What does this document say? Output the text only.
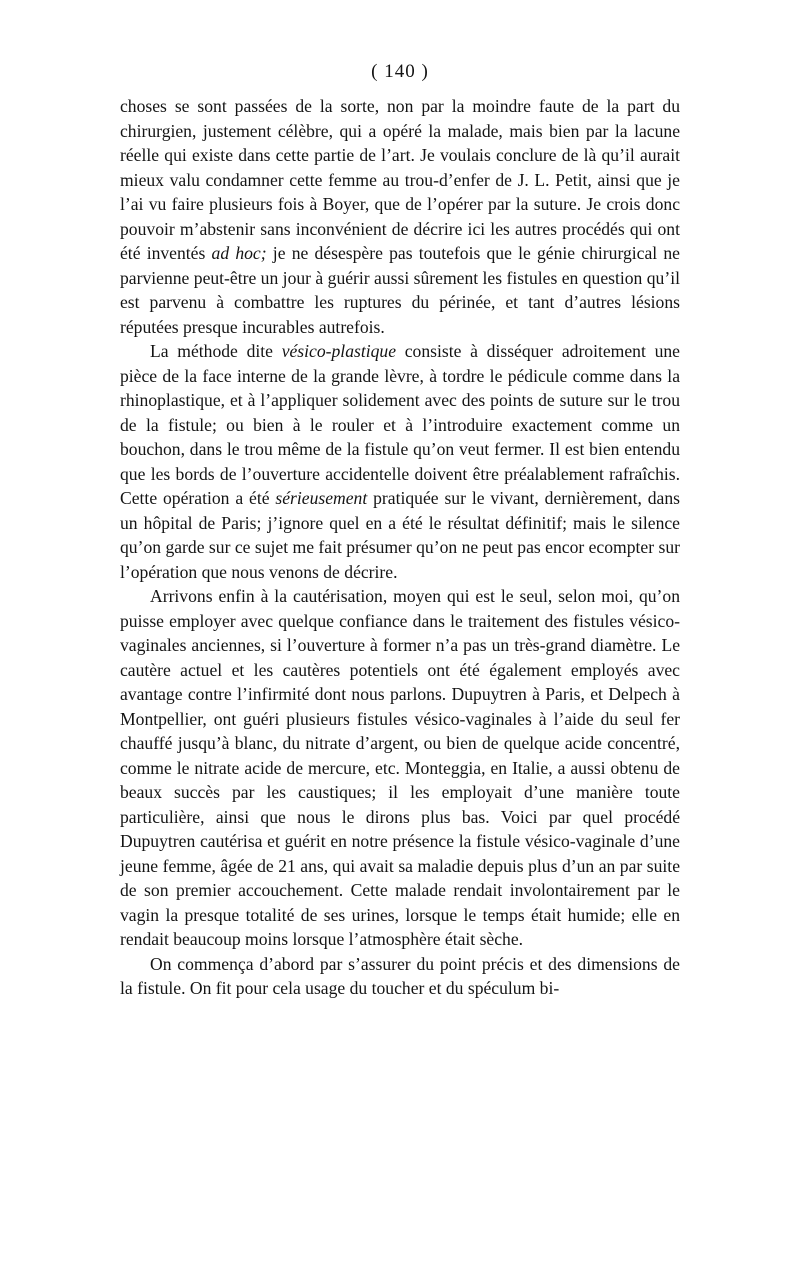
( 140 )

choses se sont passées de la sorte, non par la moindre faute de la part du chirurgien, justement célèbre, qui a opéré la malade, mais bien par la lacune réelle qui existe dans cette partie de l’art. Je voulais conclure de là qu’il aurait mieux valu condamner cette femme au trou-d’enfer de J. L. Petit, ainsi que je l’ai vu faire plusieurs fois à Boyer, que de l’opérer par la suture. Je crois donc pouvoir m’abstenir sans inconvénient de décrire ici les autres procédés qui ont été inventés ad hoc; je ne désespère pas toutefois que le génie chirurgical ne parvienne peut-être un jour à guérir aussi sûrement les fistules en question qu’il est parvenu à combattre les ruptures du périnée, et tant d’autres lésions réputées presque incurables autrefois.

La méthode dite vésico-plastique consiste à disséquer adroitement une pièce de la face interne de la grande lèvre, à tordre le pédicule comme dans la rhinoplastique, et à l’appliquer solidement avec des points de suture sur le trou de la fistule; ou bien à le rouler et à l’introduire exactement comme un bouchon, dans le trou même de la fistule qu’on veut fermer. Il est bien entendu que les bords de l’ouverture accidentelle doivent être préalablement rafraîchis. Cette opération a été sérieusement pratiquée sur le vivant, dernièrement, dans un hôpital de Paris; j’ignore quel en a été le résultat définitif; mais le silence qu’on garde sur ce sujet me fait présumer qu’on ne peut pas encor ecompter sur l’opération que nous venons de décrire.

Arrivons enfin à la cautérisation, moyen qui est le seul, selon moi, qu’on puisse employer avec quelque confiance dans le traitement des fistules vésico-vaginales anciennes, si l’ouverture à former n’a pas un très-grand diamètre. Le cautère actuel et les cautères potentiels ont été également employés avec avantage contre l’infirmité dont nous parlons. Dupuytren à Paris, et Delpech à Montpellier, ont guéri plusieurs fistules vésico-vaginales à l’aide du seul fer chauffé jusqu’à blanc, du nitrate d’argent, ou bien de quelque acide concentré, comme le nitrate acide de mercure, etc. Monteggia, en Italie, a aussi obtenu de beaux succès par les caustiques; il les employait d’une manière toute particulière, ainsi que nous le dirons plus bas. Voici par quel procédé Dupuytren cautérisa et guérit en notre présence la fistule vésico-vaginale d’une jeune femme, âgée de 21 ans, qui avait sa maladie depuis plus d’un an par suite de son premier accouchement. Cette malade rendait involontairement par le vagin la presque totalité de ses urines, lorsque le temps était humide; elle en rendait beaucoup moins lorsque l’atmosphère était sèche.

On commença d’abord par s’assurer du point précis et des dimensions de la fistule. On fit pour cela usage du toucher et du spéculum bi-
